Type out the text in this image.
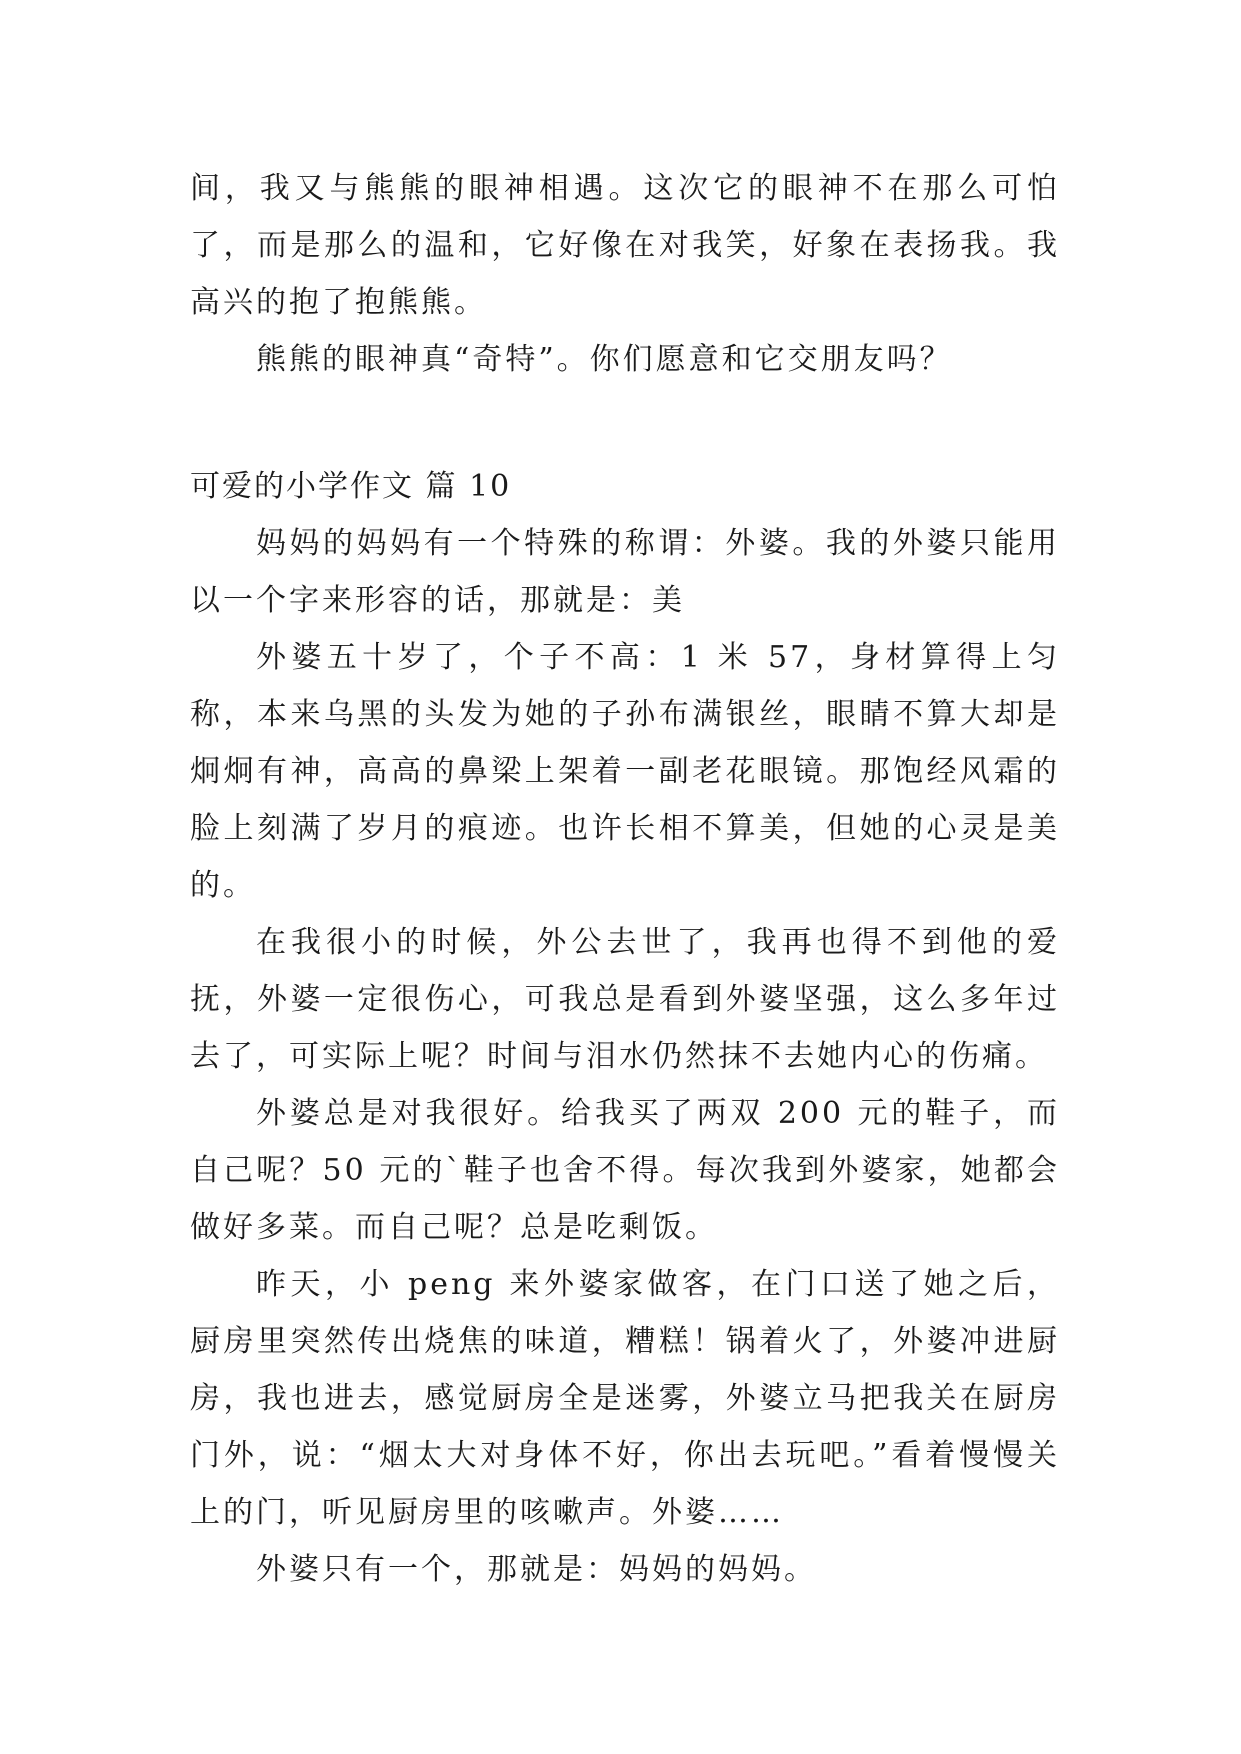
间，我又与熊熊的眼神相遇。这次它的眼神不在那么可怕了，而是那么的温和，它好像在对我笑，好象在表扬我。我高兴的抱了抱熊熊。

熊熊的眼神真“奇特”。你们愿意和它交朋友吗？

可爱的小学作文 篇 10

妈妈的妈妈有一个特殊的称谓：外婆。我的外婆只能用以一个字来形容的话，那就是：美

外婆五十岁了，个子不高：1 米 57，身材算得上匀称，本来乌黑的头发为她的子孙布满银丝，眼睛不算大却是炯炯有神，高高的鼻梁上架着一副老花眼镜。那饱经风霜的脸上刻满了岁月的痕迹。也许长相不算美，但她的心灵是美的。

在我很小的时候，外公去世了，我再也得不到他的爱抚，外婆一定很伤心，可我总是看到外婆坚强，这么多年过去了，可实际上呢？时间与泪水仍然抹不去她内心的伤痛。

外婆总是对我很好。给我买了两双 200 元的鞋子，而自己呢？50 元的`鞋子也舍不得。每次我到外婆家，她都会做好多菜。而自己呢？总是吃剩饭。

昨天，小 peng 来外婆家做客，在门口送了她之后，厨房里突然传出烧焦的味道，糟糕！锅着火了，外婆冲进厨房，我也进去，感觉厨房全是迷雾，外婆立马把我关在厨房门外，说：“烟太大对身体不好，你出去玩吧。”看着慢慢关上的门，听见厨房里的咳嗽声。外婆……

外婆只有一个，那就是：妈妈的妈妈。
